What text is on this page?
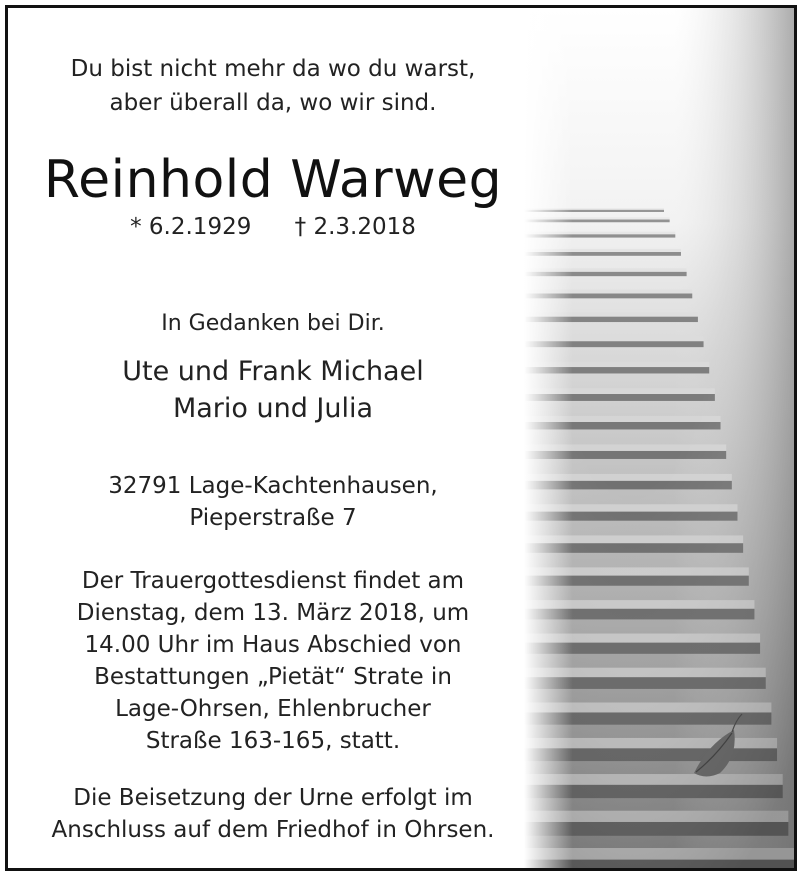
Du bist nicht mehr da wo du warst,
aber überall da, wo wir sind.
Reinhold Warweg
* 6.2.1929 † 2.3.2018
In Gedanken bei Dir.
Ute und Frank Michael
Mario und Julia
32791 Lage-Kachtenhausen,
Pieperstraße 7
Der Trauergottesdienst findet am
Dienstag, dem 13. März 2018, um
14.00 Uhr im Haus Abschied von
Bestattungen „Pietät“ Strate in
Lage-Ohrsen, Ehlenbrucher
Straße 163-165, statt.
Die Beisetzung der Urne erfolgt im
Anschluss auf dem Friedhof in Ohrsen.
